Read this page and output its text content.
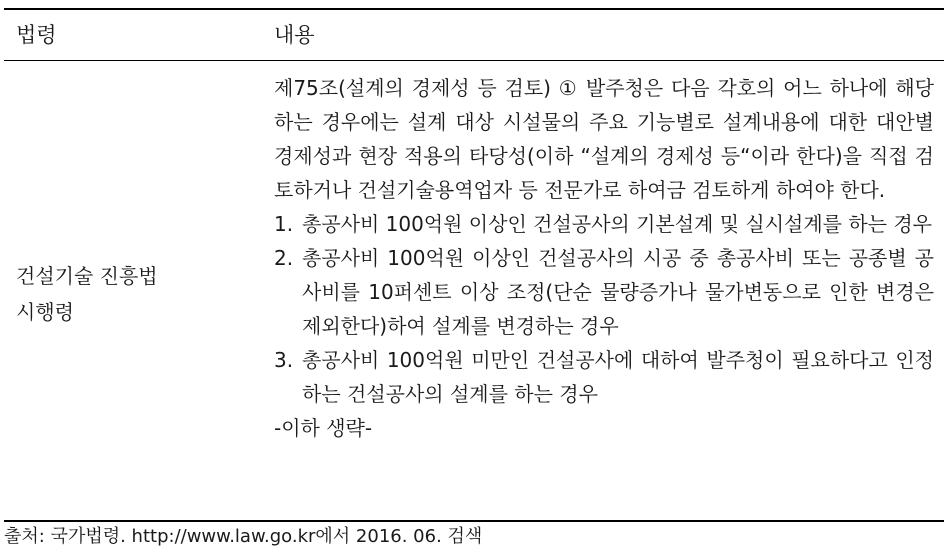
법령	내용
건설기술 진흥법
시행령
제75조(설계의 경제성 등 검토) ① 발주청은 다음 각호의 어느 하나에 해당하는 경우에는 설계 대상 시설물의 주요 기능별로 설계내용에 대한 대안별 경제성과 현장 적용의 타당성(이하 “설계의 경제성 등“이라 한다)을 직접 검토하거나 건설기술용역업자 등 전문가로 하여금 검토하게 하여야 한다.
1. 총공사비 100억원 이상인 건설공사의 기본설계 및 실시설계를 하는 경우
2. 총공사비 100억원 이상인 건설공사의 시공 중 총공사비 또는 공종별 공사비를 10퍼센트 이상 조정(단순 물량증가나 물가변동으로 인한 변경은 제외한다)하여 설계를 변경하는 경우
3. 총공사비 100억원 미만인 건설공사에 대하여 발주청이 필요하다고 인정하는 건설공사의 설계를 하는 경우
-이하 생략-
출처: 국가법령. http://www.law.go.kr에서 2016. 06. 검색
